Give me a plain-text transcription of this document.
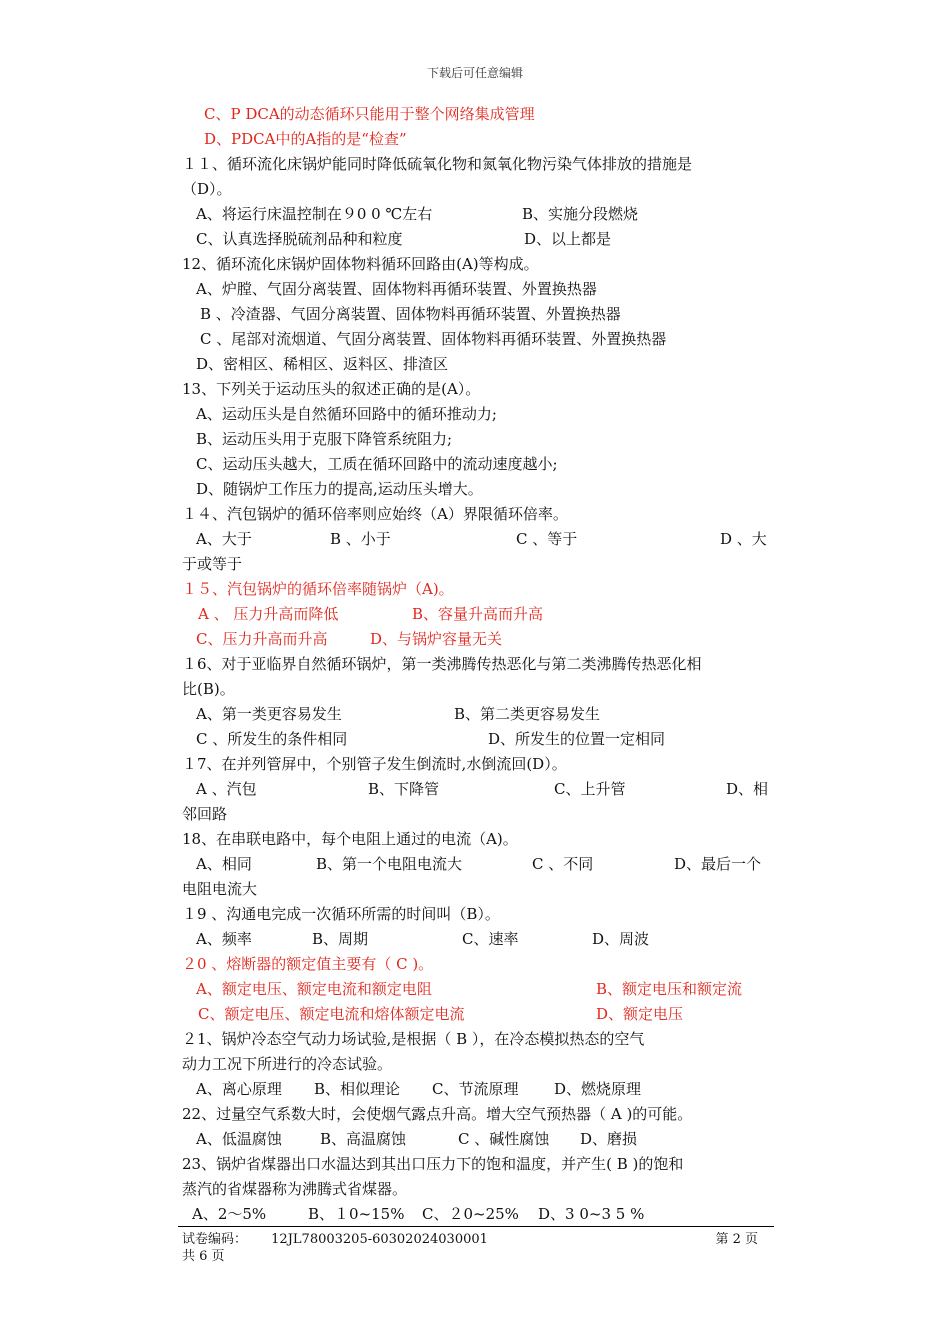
下载后可任意编辑
C、P DCA的动态循环只能用于整个网络集成管理
D、PDCA中的A指的是“检查”
１１、循环流化床锅炉能同时降低硫氧化物和氮氧化物污染气体排放的措施是
（D）。
A、将运行床温控制在９0 0 ℃左右	B、实施分段燃烧
C、认真选择脱硫剂品种和粒度	D、以上都是
12、循环流化床锅炉固体物料循环回路由(A)等构成。
A、炉膛、气固分离装置、固体物料再循环装置、外置换热器
B 、冷渣器、气固分离装置、固体物料再循环装置、外置换热器
C 、尾部对流烟道、气固分离装置、固体物料再循环装置、外置换热器
D、密相区、稀相区、返料区、排渣区
13、下列关于运动压头的叙述正确的是(A）。
A、运动压头是自然循环回路中的循环推动力;
B、运动压头用于克服下降管系统阻力;
C、运动压头越大，工质在循环回路中的流动速度越小;
D、随锅炉工作压力的提高,运动压头增大。
１４、汽包锅炉的循环倍率则应始终（A）界限循环倍率。
A、大于	B 、小于	C 、等于	D 、大
于或等于
１５、汽包锅炉的循环倍率随锅炉（A)。
A 、 压力升高而降低	B、容量升高而升高
C、压力升高而升高	D、与锅炉容量无关
１6、对于亚临界自然循环锅炉，第一类沸腾传热恶化与第二类沸腾传热恶化相
比(B)。
A、第一类更容易发生	B、第二类更容易发生
C 、所发生的条件相同	D、所发生的位置一定相同
１7、在并列管屏中，个别管子发生倒流时,水倒流回(D）。
A 、汽包	B、下降管	C、上升管	D、相
邻回路
18、在串联电路中，每个电阻上通过的电流（A)。
A、相同	B、第一个电阻电流大	C 、不同	D、最后一个
电阻电流大
１9 、沟通电完成一次循环所需的时间叫（B）。
A、频率	B、周期	C、速率	D、周波
２0 、熔断器的额定值主要有（ C )。
A、额定电压、额定电流和额定电阻	B、额定电压和额定流
C、额定电压、额定电流和熔体额定电流	D、额定电压
２1、锅炉冷态空气动力场试验,是根据（ B ），在冷态模拟热态的空气
动力工况下所进行的冷态试验。
A、离心原理 B、相似理论 C、节流原理 D、燃烧原理
22、过量空气系数大时，会使烟气露点升高。增大空气预热器（ A )的可能。
A、低温腐蚀	B、高温腐蚀	C 、碱性腐蚀 D、磨损
23、锅炉省煤器出口水温达到其出口压力下的饱和温度，并产生( B )的饱和
蒸汽的省煤器称为沸腾式省煤器。
A、2～5%	B、１0~15% C、２0~25% D、3 0~3 5 %
试卷编码： 12JL78003205-60302024030001	第 2 页
共 6 页
